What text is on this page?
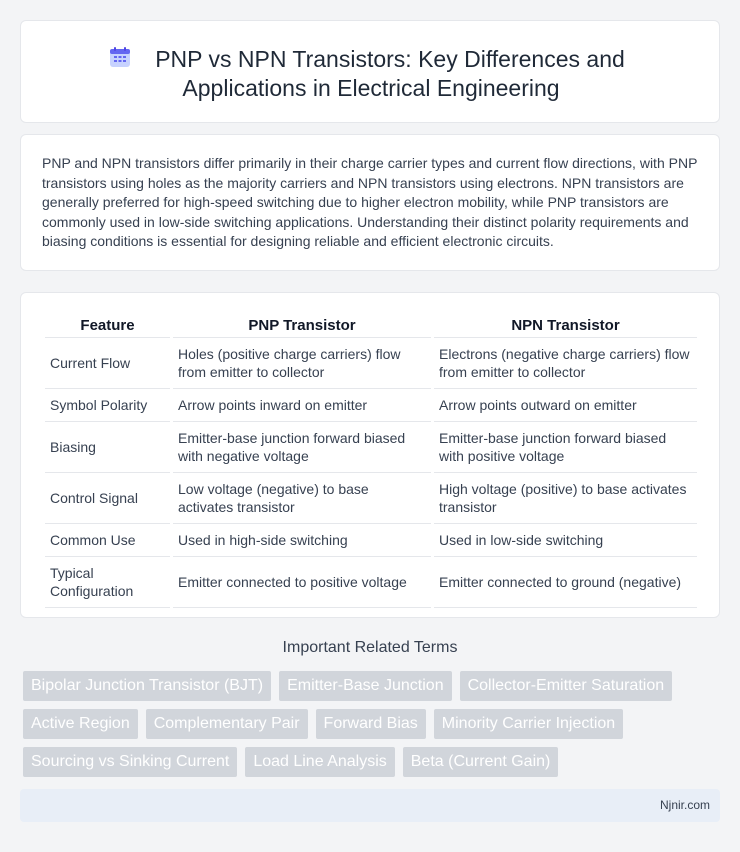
PNP vs NPN Transistors: Key Differences and
Applications in Electrical Engineering

PNP and NPN transistors differ primarily in their charge carrier types and current flow directions, with PNP transistors using holes as the majority carriers and NPN transistors using electrons. NPN transistors are generally preferred for high-speed switching due to higher electron mobility, while PNP transistors are commonly used in low-side switching applications. Understanding their distinct polarity requirements and biasing conditions is essential for designing reliable and efficient electronic circuits.

Feature	PNP Transistor	NPN Transistor
Current Flow	Holes (positive charge carriers) flow from emitter to collector	Electrons (negative charge carriers) flow from emitter to collector
Symbol Polarity	Arrow points inward on emitter	Arrow points outward on emitter
Biasing	Emitter-base junction forward biased with negative voltage	Emitter-base junction forward biased with positive voltage
Control Signal	Low voltage (negative) to base activates transistor	High voltage (positive) to base activates transistor
Common Use	Used in high-side switching	Used in low-side switching
Typical Configuration	Emitter connected to positive voltage	Emitter connected to ground (negative)
Important Related Terms
Bipolar Junction Transistor (BJT)	Emitter-Base Junction	Collector-Emitter Saturation
Active Region	Complementary Pair	Forward Bias	Minority Carrier Injection
Sourcing vs Sinking Current	Load Line Analysis	Beta (Current Gain)
Njnir.com
